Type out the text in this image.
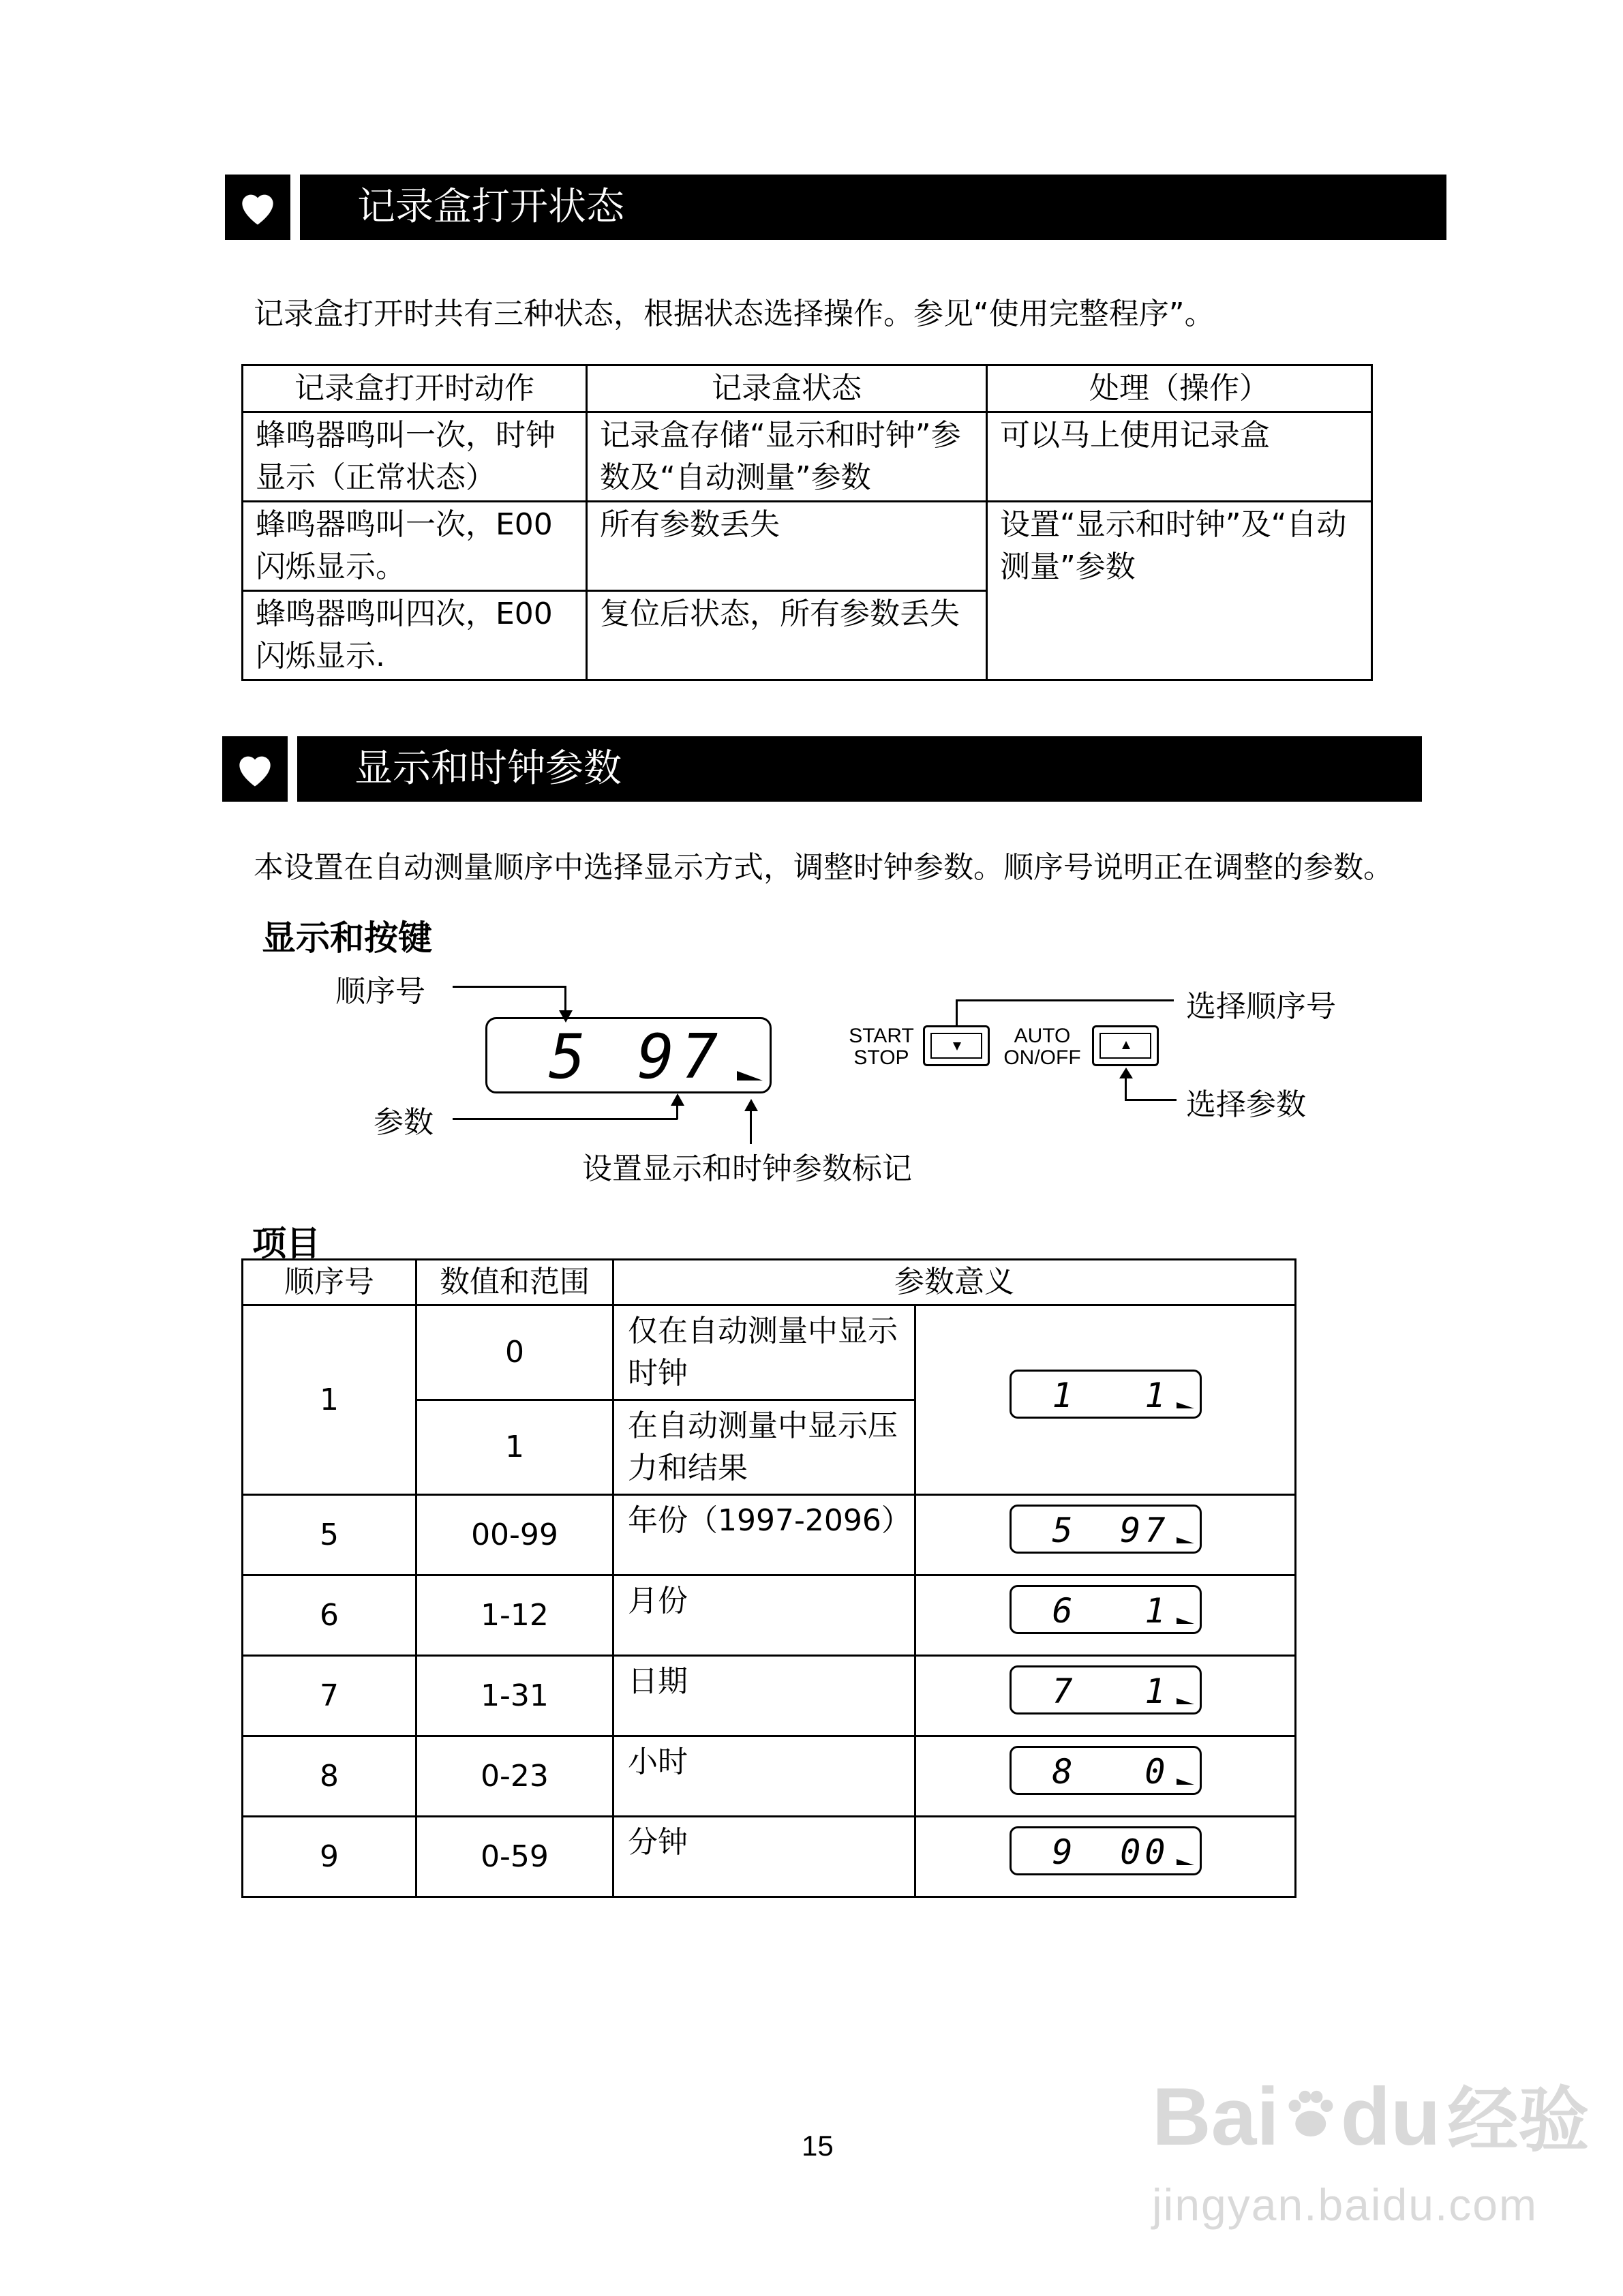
记录盒打开状态
记录盒打开时共有三种状态，根据状态选择操作。参见“使用完整程序”。
记录盒打开时动作	记录盒状态	处理（操作）
蜂鸣器鸣叫一次，时钟显示（正常状态）	记录盒存储“显示和时钟”参数及“自动测量”参数	可以马上使用记录盒
蜂鸣器鸣叫一次，E00 闪烁显示。	所有参数丢失	设置“显示和时钟”及“自动测量”参数
蜂鸣器鸣叫四次，E00 闪烁显示.	复位后状态，所有参数丢失	
显示和时钟参数
本设置在自动测量顺序中选择显示方式，调整时钟参数。顺序号说明正在调整的参数。
显示和按键
顺序号
5 97
参数
设置显示和时钟参数标记
START
STOP
AUTO
ON/OFF
选择顺序号
选择参数
项目
顺序号	数值和范围	参数意义	
1	0	仅在自动测量中显示时钟	1 1

	1	在自动测量中显示压力和结果	
5	00-99	年份（1997-2096）	5 97

6	1-12	月份	6 1

7	1-31	日期	7 1

8	0-23	小时	8 0

9	0-59	分钟	9 00
Bai du经验
jingyan.baidu.com
15
